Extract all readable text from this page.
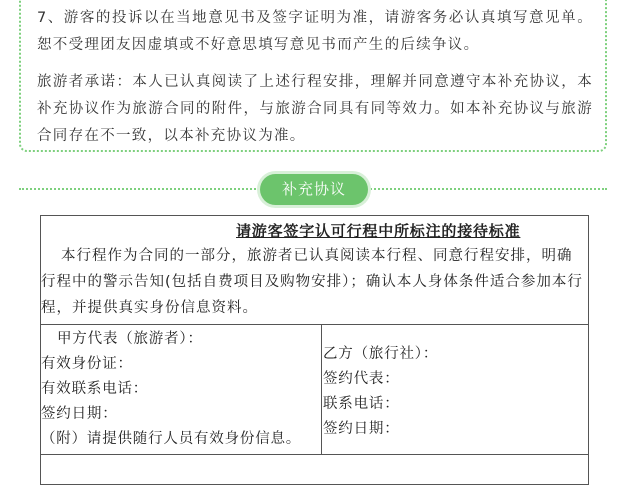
7、游客的投诉以在当地意见书及签字证明为准，请游客务必认真填写意见单。恕不受理团友因虚填或不好意思填写意见书而产生的后续争议。

旅游者承诺：本人已认真阅读了上述行程安排，理解并同意遵守本补充协议，本补充协议作为旅游合同的附件，与旅游合同具有同等效力。如本补充协议与旅游合同存在不一致，以本补充协议为准。

补充协议

请游客签字认可行程中所标注的接待标准

本行程作为合同的一部分，旅游者已认真阅读本行程、同意行程安排，明确行程中的警示告知(包括自费项目及购物安排）；确认本人身体条件适合参加本行程，并提供真实身份信息资料。

甲方代表（旅游者）：
有效身份证：
有效联系电话：
签约日期：
（附）请提供随行人员有效身份信息。
乙方（旅行社）：
签约代表：
联系电话：
签约日期：
